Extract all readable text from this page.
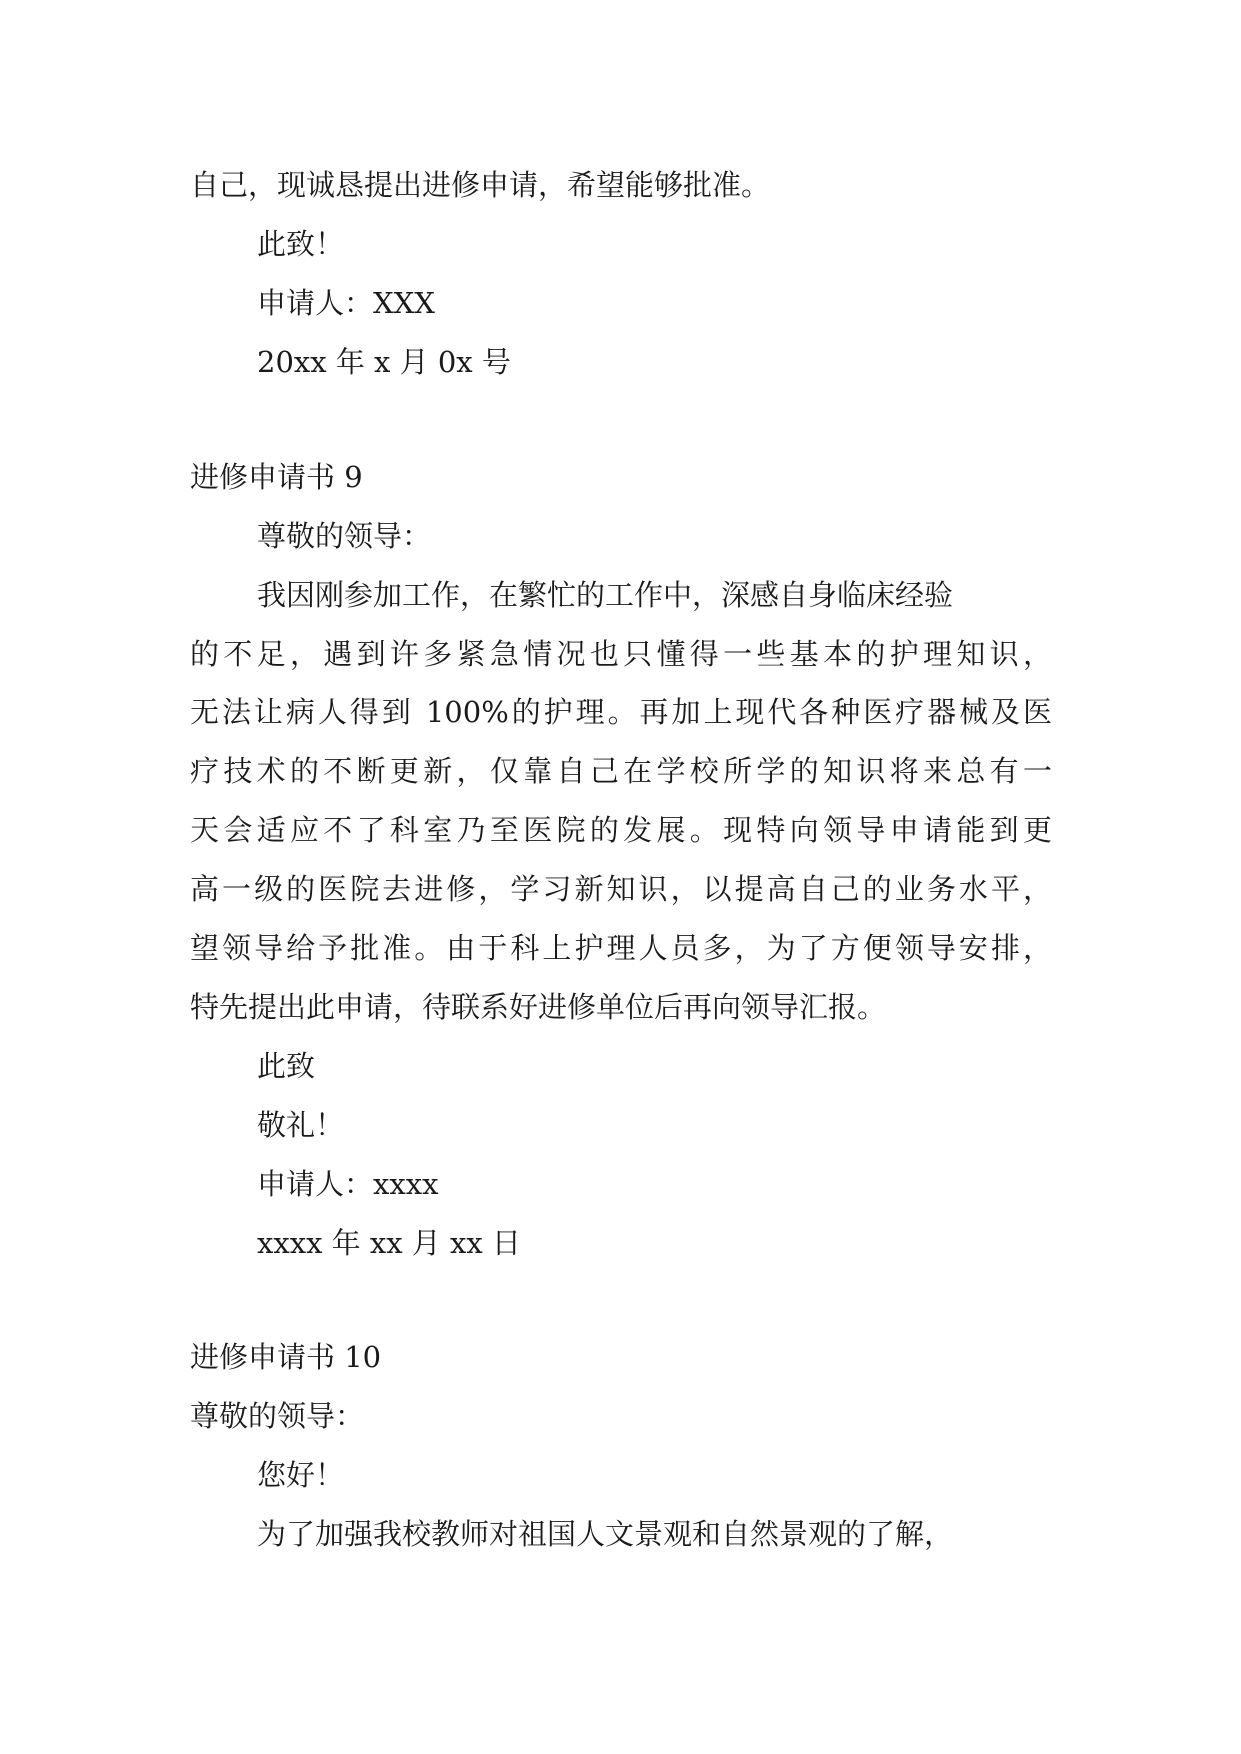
自己，现诚恳提出进修申请，希望能够批准。
此致！
申请人：XXX
20xx 年 x 月 0x 号
进修申请书 9
尊敬的领导：
我因刚参加工作，在繁忙的工作中，深感自身临床经验
的不足，遇到许多紧急情况也只懂得一些基本的护理知识，
无法让病人得到 100%的护理。再加上现代各种医疗器械及医
疗技术的不断更新，仅靠自己在学校所学的知识将来总有一
天会适应不了科室乃至医院的发展。现特向领导申请能到更
高一级的医院去进修，学习新知识，以提高自己的业务水平，
望领导给予批准。由于科上护理人员多，为了方便领导安排，
特先提出此申请，待联系好进修单位后再向领导汇报。
此致
敬礼！
申请人：xxxx
xxxx 年 xx 月 xx 日
进修申请书 10
尊敬的领导：
您好！
为了加强我校教师对祖国人文景观和自然景观的了解，
